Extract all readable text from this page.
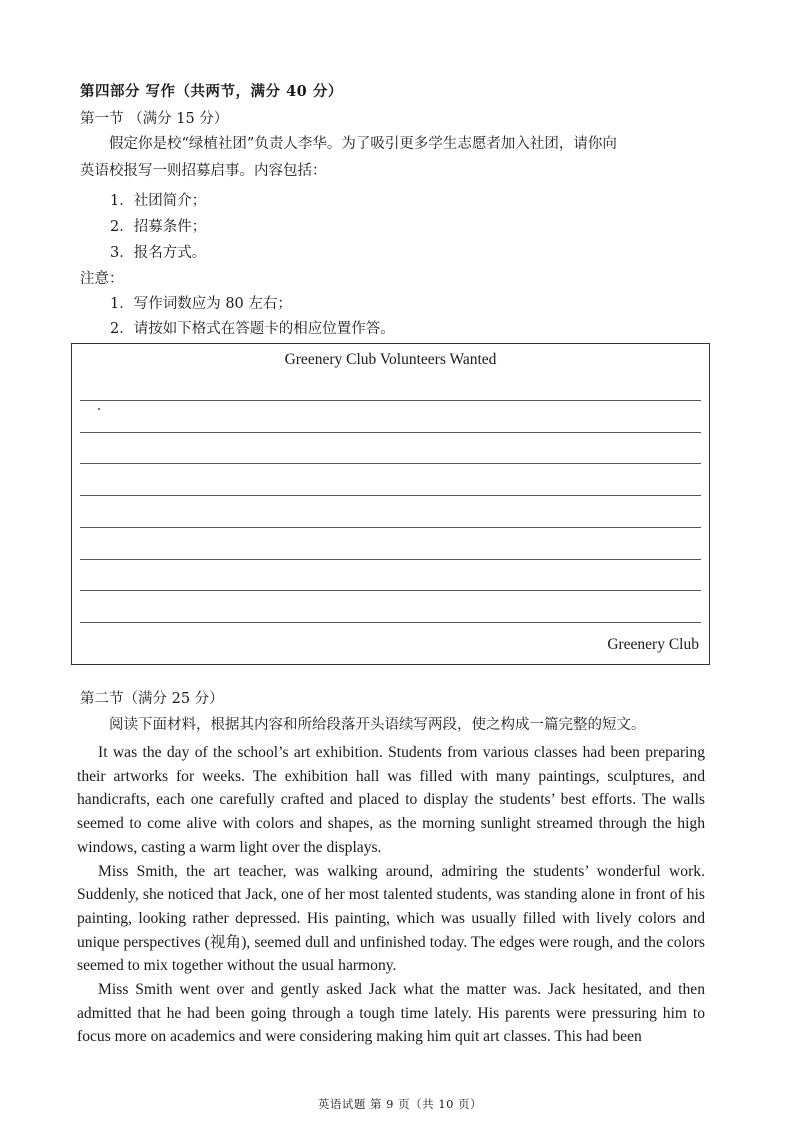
第四部分 写作（共两节，满分 40 分）
第一节 （满分 15 分）
假定你是校“绿植社团”负责人李华。为了吸引更多学生志愿者加入社团，请你向
英语校报写一则招募启事。内容包括：
1．社团简介；
2．招募条件；
3．报名方式。
注意：
1．写作词数应为 80 左右；
2．请按如下格式在答题卡的相应位置作答。
Greenery Club Volunteers Wanted
Greenery Club
第二节（满分 25 分）
阅读下面材料，根据其内容和所给段落开头语续写两段，使之构成一篇完整的短文。

It was the day of the school’s art exhibition. Students from various classes had been preparing their artworks for weeks. The exhibition hall was filled with many paintings, sculptures, and handicrafts, each one carefully crafted and placed to display the students’ best efforts. The walls seemed to come alive with colors and shapes, as the morning sunlight streamed through the high windows, casting a warm light over the displays.

Miss Smith, the art teacher, was walking around, admiring the students’ wonderful work. Suddenly, she noticed that Jack, one of her most talented students, was standing alone in front of his painting, looking rather depressed. His painting, which was usually filled with lively colors and unique perspectives (视角), seemed dull and unfinished today. The edges were rough, and the colors seemed to mix together without the usual harmony.

Miss Smith went over and gently asked Jack what the matter was. Jack hesitated, and then admitted that he had been going through a tough time lately. His parents were pressuring him to focus more on academics and were considering making him quit art classes. This had been

英语试题 第 9 页（共 10 页）
